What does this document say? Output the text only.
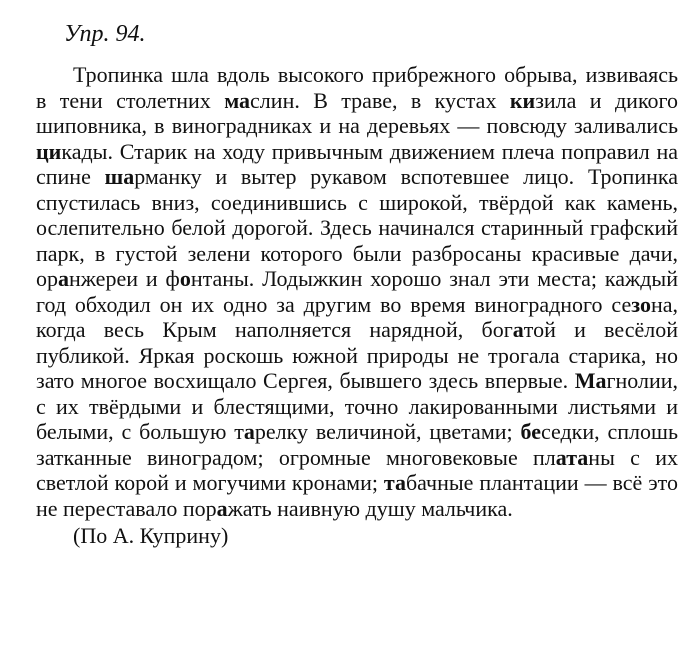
Упр. 94.

Тропинка шла вдоль высокого прибрежного обрыва, извиваясь в тени столетних маслин. В траве, в кустах кизила и дикого шиповника, в виноградниках и на деревьях — повсюду заливались цикады. Старик на ходу привычным движением плеча поправил на спине шарманку и вытер рукавом вспотевшее лицо. Тропинка спустилась вниз, соединившись с широкой, твёрдой как камень, ослепительно белой дорогой. Здесь начинался старинный графский парк, в густой зелени которого были разбросаны красивые дачи, оранжереи и фонтаны. Лодыжкин хорошо знал эти места; каждый год обходил он их одно за другим во время виноградного сезона, когда весь Крым наполняется нарядной, богатой и весёлой публикой. Яркая роскошь южной природы не трогала старика, но зато многое восхищало Сергея, бывшего здесь впервые. Магнолии, с их твёрдыми и блестящими, точно лакированными листьями и белыми, с большую тарелку величиной, цветами; беседки, сплошь затканные виноградом; огромные многовековые платаны с их светлой корой и могучими кронами; табачные плантации — всё это не переставало поражать наивную душу мальчика.

(По А. Куприну)
